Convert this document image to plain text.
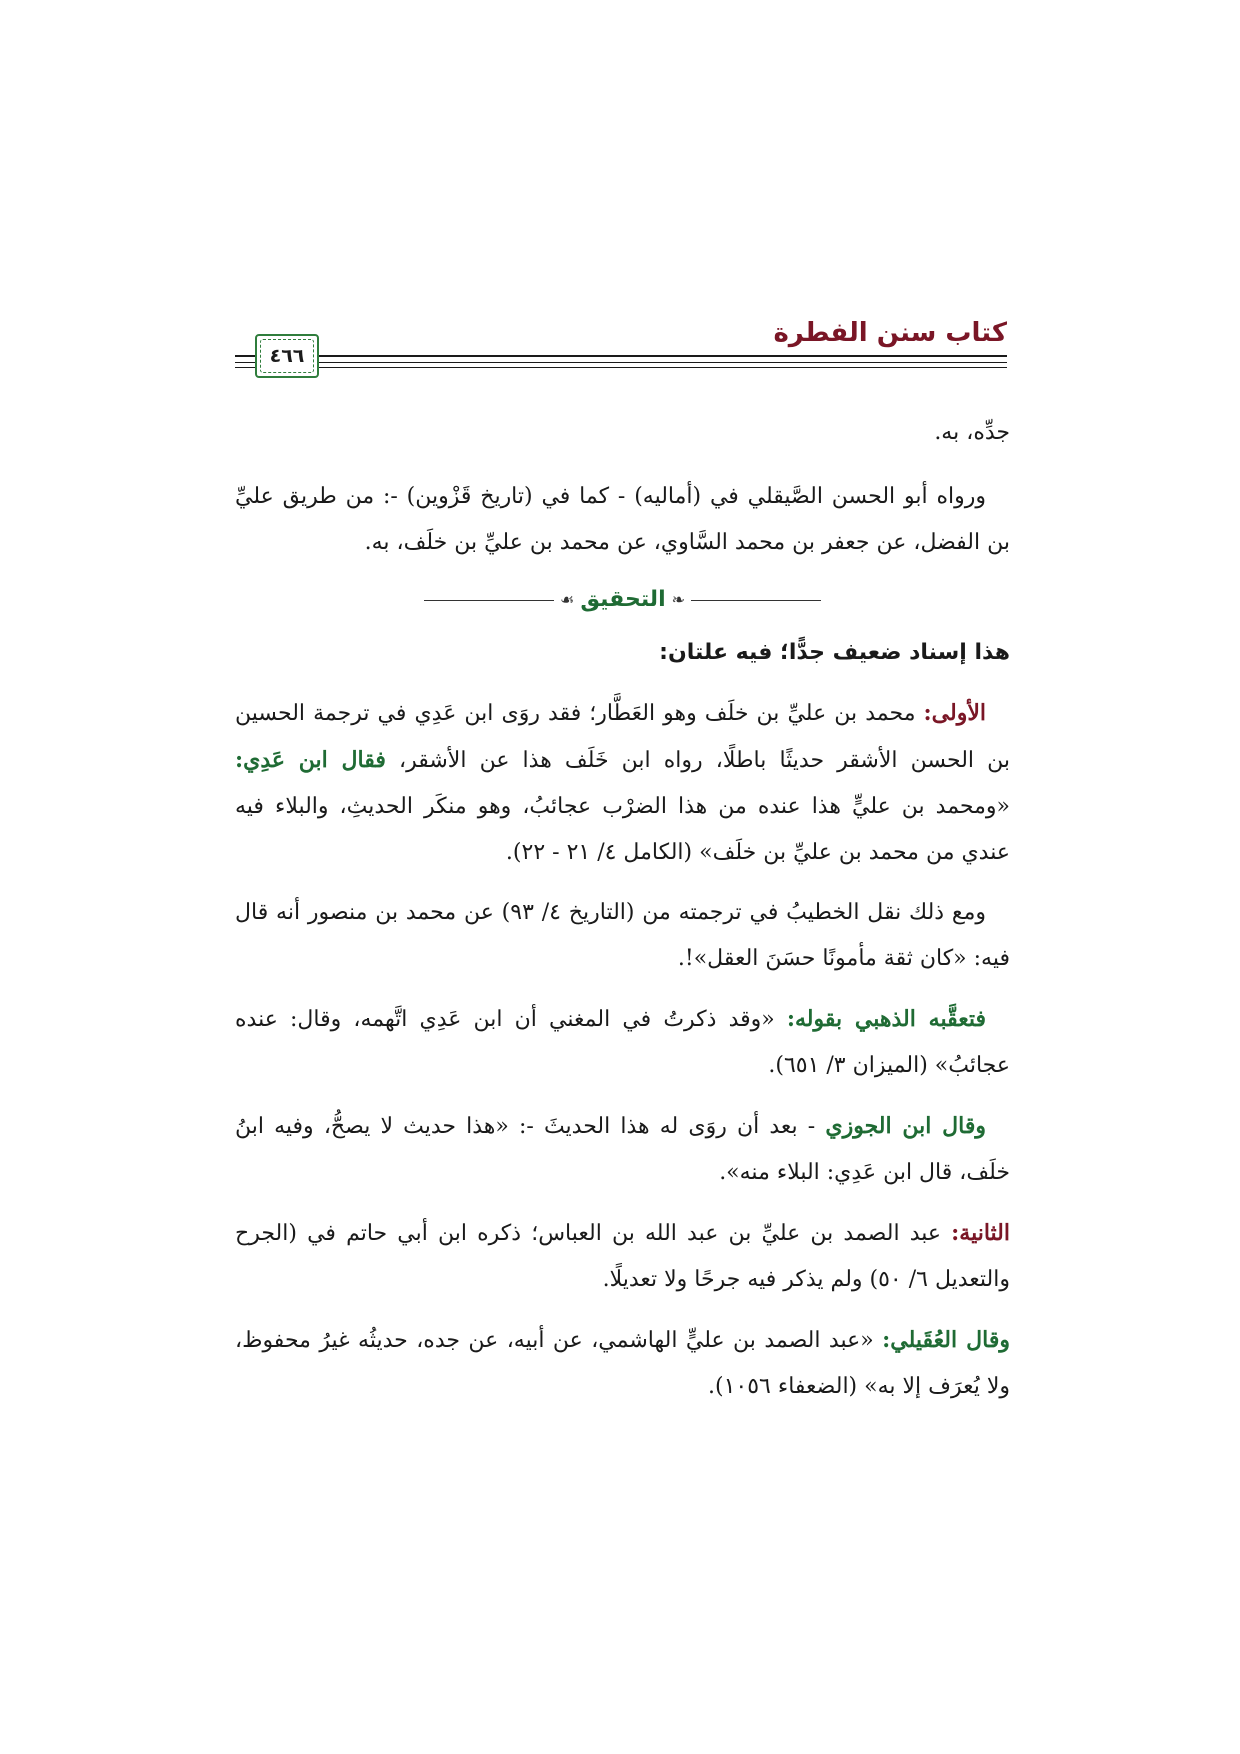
كتاب سنن الفطرة
٤٦٦

جدِّه، به.

ورواه أبو الحسن الصَّيقلي في (أماليه) - كما في (تاريخ قَزْوين) -: من طريق عليِّ بن الفضل، عن جعفر بن محمد السَّاوي، عن محمد بن عليِّ بن خلَف، به.

❧
التحقيق
☙

هذا إسناد ضعيف جدًّا؛ فيه علتان:

الأولى: محمد بن عليِّ بن خلَف وهو العَطَّار؛ فقد روَى ابن عَدِي في ترجمة الحسين بن الحسن الأشقر حديثًا باطلًا، رواه ابن خَلَف هذا عن الأشقر، فقال ابن عَدِي: «ومحمد بن عليٍّ هذا عنده من هذا الضرْب عجائبُ، وهو منكَر الحديثِ، والبلاء فيه عندي من محمد بن عليِّ بن خلَف» (الكامل ٤/ ٢١ - ٢٢).

ومع ذلك نقل الخطيبُ في ترجمته من (التاريخ ٤/ ٩٣) عن محمد بن منصور أنه قال فيه: «كان ثقة مأمونًا حسَنَ العقل»!.

فتعقَّبه الذهبي بقوله: «وقد ذكرتُ في المغني أن ابن عَدِي اتَّهمه، وقال: عنده عجائبُ» (الميزان ٣/ ٦٥١).

وقال ابن الجوزي - بعد أن روَى له هذا الحديثَ -: «هذا حديث لا يصحُّ، وفيه ابنُ خلَف، قال ابن عَدِي: البلاء منه».

الثانية: عبد الصمد بن عليِّ بن عبد الله بن العباس؛ ذكره ابن أبي حاتم في (الجرح والتعديل ٦/ ٥٠) ولم يذكر فيه جرحًا ولا تعديلًا.

وقال العُقَيلي: «عبد الصمد بن عليٍّ الهاشمي، عن أبيه، عن جده، حديثُه غيرُ محفوظ، ولا يُعرَف إلا به» (الضعفاء ١٠٥٦).
